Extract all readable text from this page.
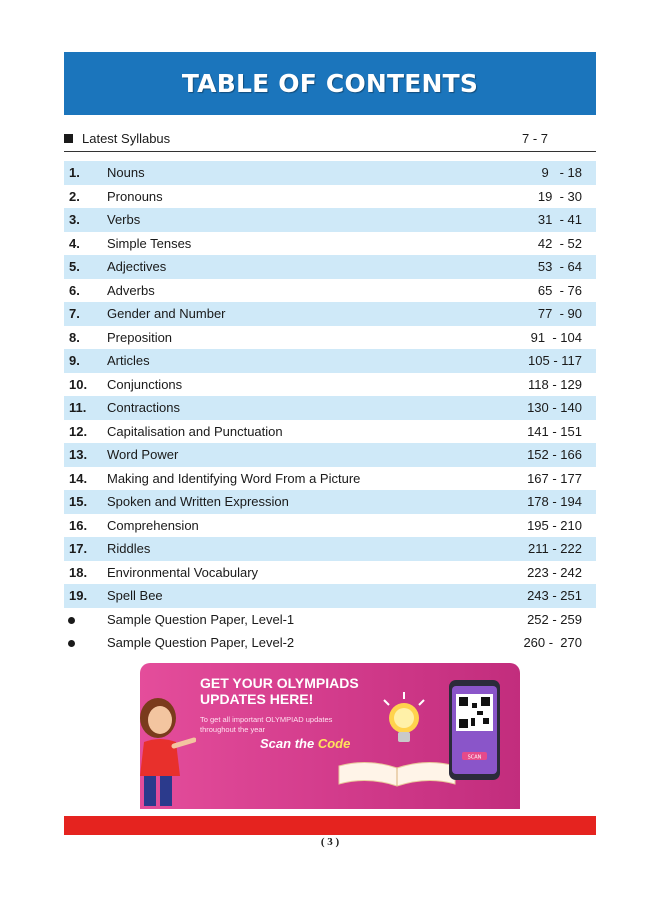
TABLE OF CONTENTS
Latest Syllabus	7 - 7
1.	Nouns	9   - 18
2.	Pronouns	19  - 30
3.	Verbs	31  - 41
4.	Simple Tenses	42  - 52
5.	Adjectives	53  - 64
6.	Adverbs	65  - 76
7.	Gender and Number	77  - 90
8.	Preposition	91  - 104
9.	Articles	105 - 117
10.	Conjunctions	118 - 129
11.	Contractions	130 - 140
12.	Capitalisation and Punctuation	141 - 151
13.	Word Power	152 - 166
14.	Making and Identifying Word From a Picture	167 - 177
15.	Spoken and Written Expression	178 - 194
16.	Comprehension	195 - 210
17.	Riddles	211 - 222
18.	Environmental Vocabulary	223 - 242
19.	Spell Bee	243 - 251
Sample Question Paper, Level-1	252 - 259
Sample Question Paper, Level-2	260 -  270
GET YOUR OLYMPIADS UPDATES HERE!
To get all important OLYMPIAD updates throughout the year
Scan the Code
SCAN
( 3 )
